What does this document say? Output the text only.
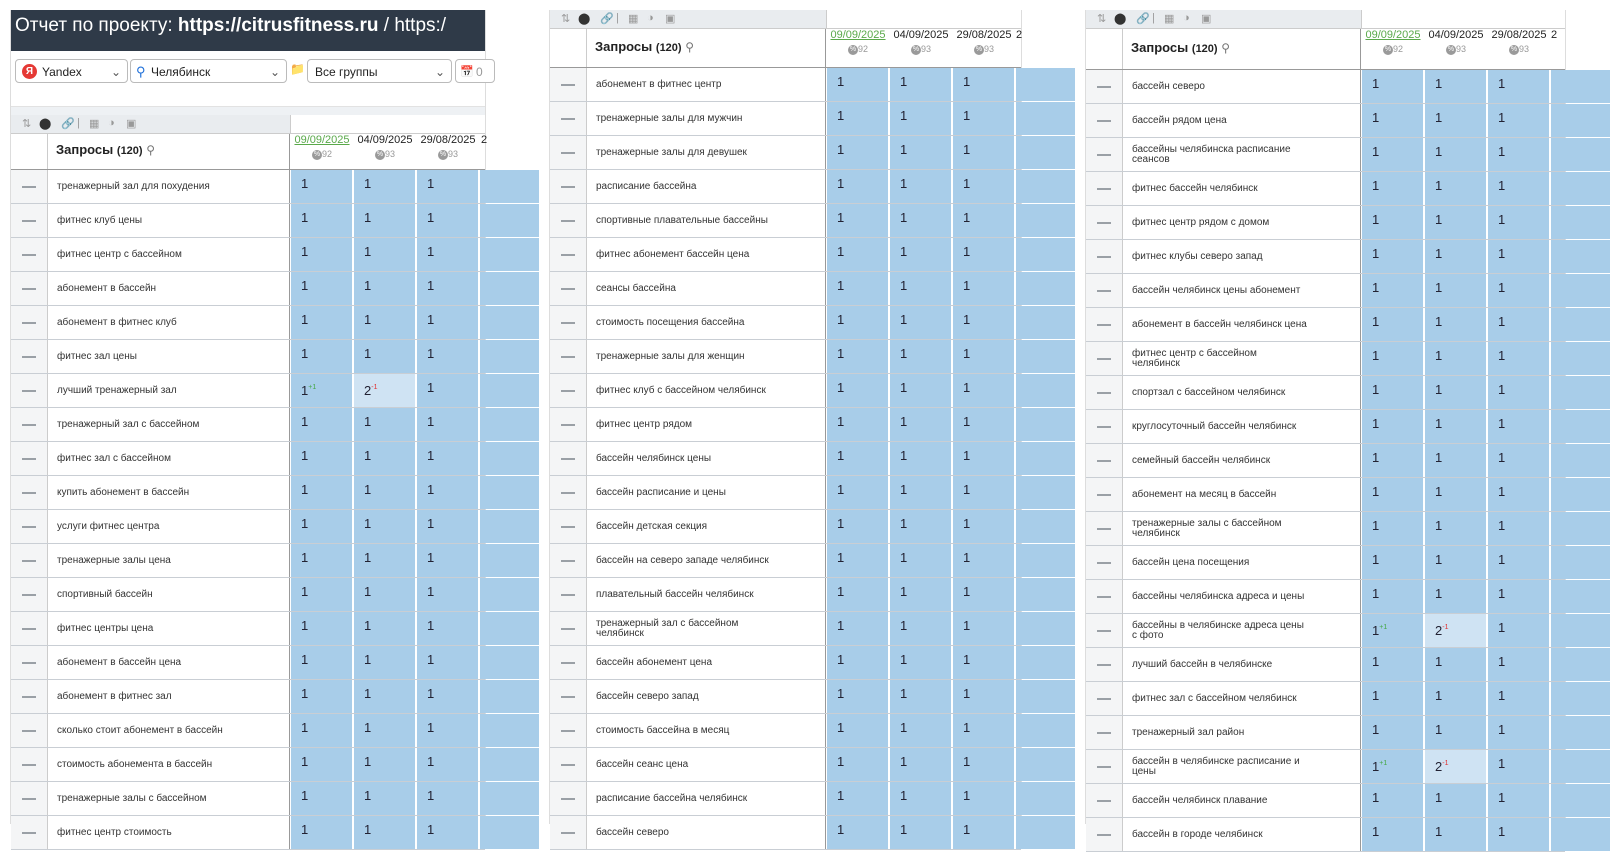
Отчет по проекту: https://citrusfitness.ru / https:/
Я Yandex ⌄ ⚲ Челябинск	⌄ 📁 Все группы	⌄ 📅 0
⇅ ⬤ 🔗 | ▦ ◑ ▣
Запросы (120) ⚲
09/09/2025
% 92
04/09/2025
% 93
29/08/2025
% 93
2
тренажерный зал для похудения	1	1	1
фитнес клуб цены	1	1	1
фитнес центр с бассейном	1	1	1
абонемент в бассейн	1	1	1
абонемент в фитнес клуб	1	1	1
фитнес зал цены	1	1	1
лучший тренажерный зал	$1^{+1}$	$2^{-1}$	1
тренажерный зал с бассейном	1	1	1
фитнес зал с бассейном	1	1	1
купить абонемент в бассейн	1	1	1
услуги фитнес центра	1	1	1
тренажерные залы цена	1	1	1
спортивный бассейн	1	1	1
фитнес центры цена	1	1	1
абонемент в бассейн цена	1	1	1
абонемент в фитнес зал	1	1	1
сколько стоит абонемент в бассейн	1	1	1
стоимость абонемента в бассейн	1	1	1
тренажерные залы с бассейном	1	1	1
фитнес центр стоимость	1	1	1
⇅ ⬤ 🔗 | ▦ ◑ ▣
Запросы (120) ⚲
09/09/2025
% 92
04/09/2025
% 93
29/08/2025
% 93
2
абонемент в фитнес центр	1	1	1
тренажерные залы для мужчин	1	1	1
тренажерные залы для девушек	1	1	1
расписание бассейна	1	1	1
спортивные плавательные бассейны	1	1	1
фитнес абонемент бассейн цена	1	1	1
сеансы бассейна	1	1	1
стоимость посещения бассейна	1	1	1
тренажерные залы для женщин	1	1	1
фитнес клуб с бассейном челябинск	1	1	1
фитнес центр рядом	1	1	1
бассейн челябинск цены	1	1	1
бассейн расписание и цены	1	1	1
бассейн детская секция	1	1	1
бассейн на северо западе челябинск	1	1	1
плавательный бассейн челябинск	1	1	1
тренажерный зал с бассейном челябинск	1	1	1
бассейн абонемент цена	1	1	1
бассейн северо запад	1	1	1
стоимость бассейна в месяц	1	1	1
бассейн сеанс цена	1	1	1
расписание бассейна челябинск	1	1	1
бассейн северо	1	1	1
⇅ ⬤ 🔗 | ▦ ◑ ▣
Запросы (120) ⚲
09/09/2025
% 92
04/09/2025
% 93
29/08/2025
% 93
2
бассейн северо	1	1	1
бассейн рядом цена	1	1	1
бассейны челябинска расписание сеансов	1	1	1
фитнес бассейн челябинск	1	1	1
фитнес центр рядом с домом	1	1	1
фитнес клубы северо запад	1	1	1
бассейн челябинск цены абонемент	1	1	1
абонемент в бассейн челябинск цена	1	1	1
фитнес центр с бассейном челябинск	1	1	1
спортзал с бассейном челябинск	1	1	1
круглосуточный бассейн челябинск	1	1	1
семейный бассейн челябинск	1	1	1
абонемент на месяц в бассейн	1	1	1
тренажерные залы с бассейном челябинск	1	1	1
бассейн цена посещения	1	1	1
бассейны челябинска адреса и цены	1	1	1
бассейны в челябинске адреса цены с фото	$1^{+1}$	$2^{-1}$	1
лучший бассейн в челябинске	1	1	1
фитнес зал с бассейном челябинск	1	1	1
тренажерный зал район	1	1	1
бассейн в челябинске расписание и цены	$1^{+1}$	$2^{-1}$	1
бассейн челябинск плавание	1	1	1
бассейн в городе челябинск	1	1	1
